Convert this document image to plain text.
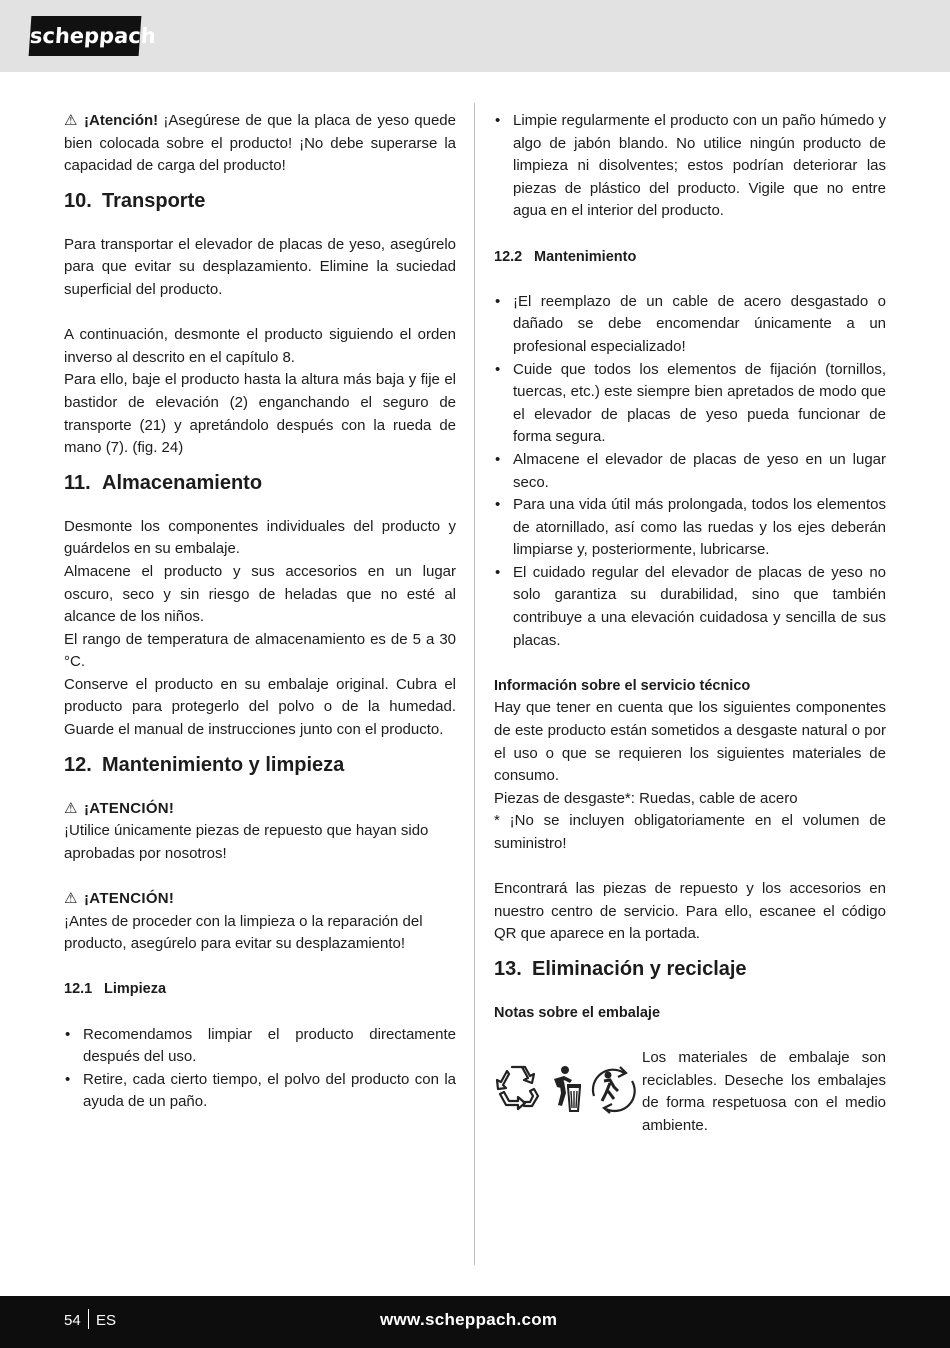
scheppach

⚠ ¡Atención! ¡Asegúrese de que la placa de yeso quede bien colocada sobre el producto! ¡No debe superarse la capacidad de carga del producto!

10. Transporte

Para transportar el elevador de placas de yeso, asegúrelo para que evitar su desplazamiento. Elimine la suciedad superficial del producto.

A continuación, desmonte el producto siguiendo el orden inverso al descrito en el capítulo 8.

Para ello, baje el producto hasta la altura más baja y fije el bastidor de elevación (2) enganchando el seguro de transporte (21) y apretándolo después con la rueda de mano (7). (fig. 24)

11. Almacenamiento

Desmonte los componentes individuales del producto y guárdelos en su embalaje.

Almacene el producto y sus accesorios en un lugar oscuro, seco y sin riesgo de heladas que no esté al alcance de los niños.

El rango de temperatura de almacenamiento es de 5 a 30 °C.

Conserve el producto en su embalaje original. Cubra el producto para protegerlo del polvo o de la humedad. Guarde el manual de instrucciones junto con el producto.

12. Mantenimiento y limpieza

⚠ ¡ATENCIÓN!

¡Utilice únicamente piezas de repuesto que hayan sido aprobadas por nosotros!

⚠ ¡ATENCIÓN!

¡Antes de proceder con la limpieza o la reparación del producto, asegúrelo para evitar su desplazamiento!

12.1 Limpieza
• Recomendamos limpiar el producto directamente después del uso.
• Retire, cada cierto tiempo, el polvo del producto con la ayuda de un paño.
• Limpie regularmente el producto con un paño húmedo y algo de jabón blando. No utilice ningún producto de limpieza ni disolventes; estos podrían deteriorar las piezas de plástico del producto. Vigile que no entre agua en el interior del producto.
12.2 Mantenimiento
• ¡El reemplazo de un cable de acero desgastado o dañado se debe encomendar únicamente a un profesional especializado!
• Cuide que todos los elementos de fijación (tornillos, tuercas, etc.) este siempre bien apretados de modo que el elevador de placas de yeso pueda funcionar de forma segura.
• Almacene el elevador de placas de yeso en un lugar seco.
• Para una vida útil más prolongada, todos los elementos de atornillado, así como las ruedas y los ejes deberán limpiarse y, posteriormente, lubricarse.
• El cuidado regular del elevador de placas de yeso no solo garantiza su durabilidad, sino que también contribuye a una elevación cuidadosa y sencilla de sus placas.
Información sobre el servicio técnico

Hay que tener en cuenta que los siguientes componentes de este producto están sometidos a desgaste natural o por el uso o que se requieren los siguientes materiales de consumo.

Piezas de desgaste*: Ruedas, cable de acero

* ¡No se incluyen obligatoriamente en el volumen de suministro!

Encontrará las piezas de repuesto y los accesorios en nuestro centro de servicio. Para ello, escanee el código QR que aparece en la portada.

13. Eliminación y reciclaje
Notas sobre el embalaje

Los materiales de embalaje son reciclables. Deseche los embalajes de forma respetuosa con el medio ambiente.

54 ES	www.scheppach.com
